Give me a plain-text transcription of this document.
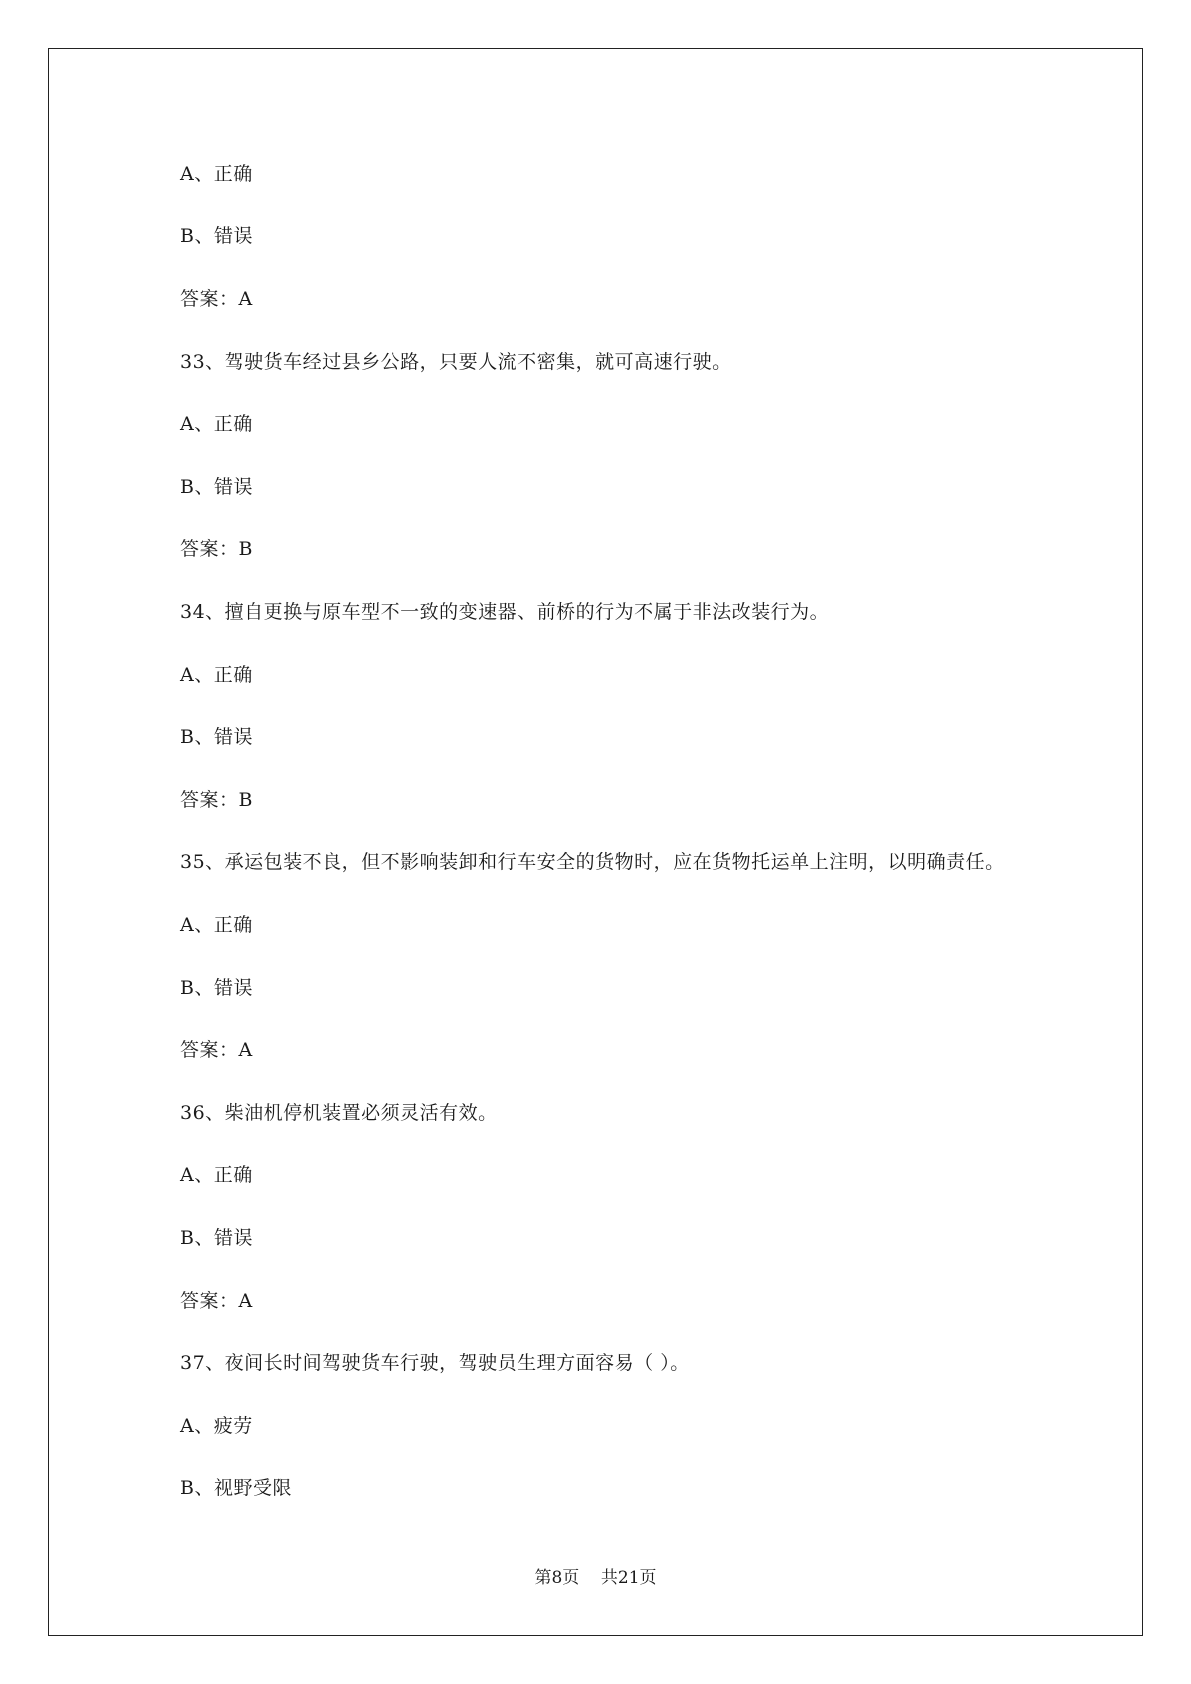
A、正确
B、错误
答案：A
33、驾驶货车经过县乡公路，只要人流不密集，就可高速行驶。
A、正确
B、错误
答案：B
34、擅自更换与原车型不一致的变速器、前桥的行为不属于非法改装行为。
A、正确
B、错误
答案：B
35、承运包装不良，但不影响装卸和行车安全的货物时，应在货物托运单上注明，以明确责任。
A、正确
B、错误
答案：A
36、柴油机停机装置必须灵活有效。
A、正确
B、错误
答案：A
37、夜间长时间驾驶货车行驶，驾驶员生理方面容易（ ）。
A、疲劳
B、视野受限
第8页    共21页
